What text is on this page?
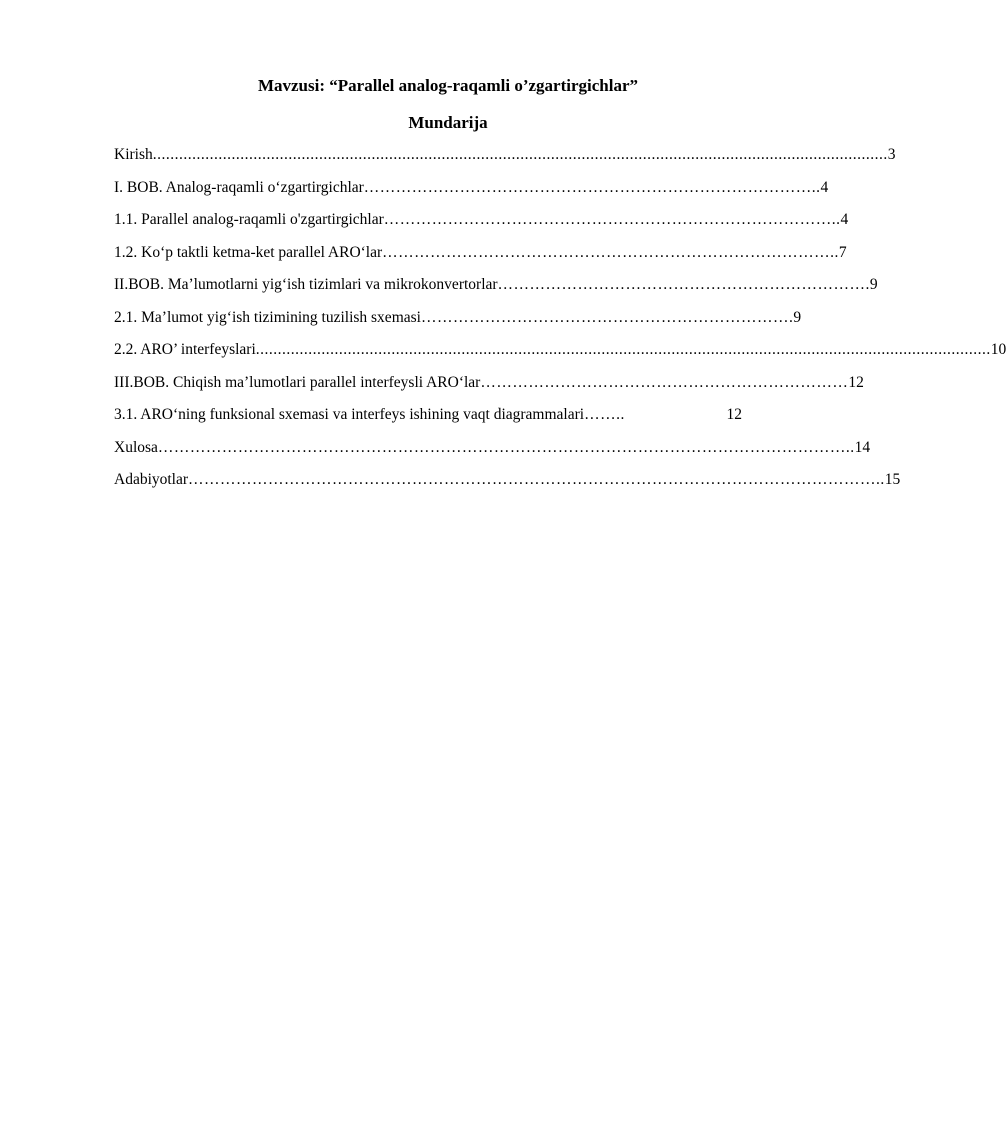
Mavzusi: “Parallel analog-raqamli o’zgartirgichlar”
Mundarija
Kirish ........................................................................................................................................................................ 3
I. BOB. Analog-raqamli o‘zgartirgichlar ………………………………………………………………………….. 4
1.1. Parallel analog-raqamli o'zgartirgichlar ………………………………………………………………………….. 4
1.2. Ko‘p taktli ketma-ket parallel ARO‘lar ………………………………………………………………………….. 7
II.BOB. Ma’lumotlarni yig‘ish tizimlari va mikrokonvertorlar ……………………………………………………………. 9
2.1. Ma’lumot yig‘ish tizimining tuzilish sxemasi ……………………………………………………………. 9
2.2. ARO’ interfeyslari ........................................................................................................................................................................ 10
III.BOB. Chiqish ma’lumotlari parallel interfeysli ARO‘lar …………………………………………………………… 12
3.1. ARO‘ning funksional sxemasi va interfeys ishining vaqt diagrammalari ……..	12
Xulosa ………………………………………………………………………………………………………………….. 14
Adabiyotlar ………………………………………………………………………………………………………………….. 15
